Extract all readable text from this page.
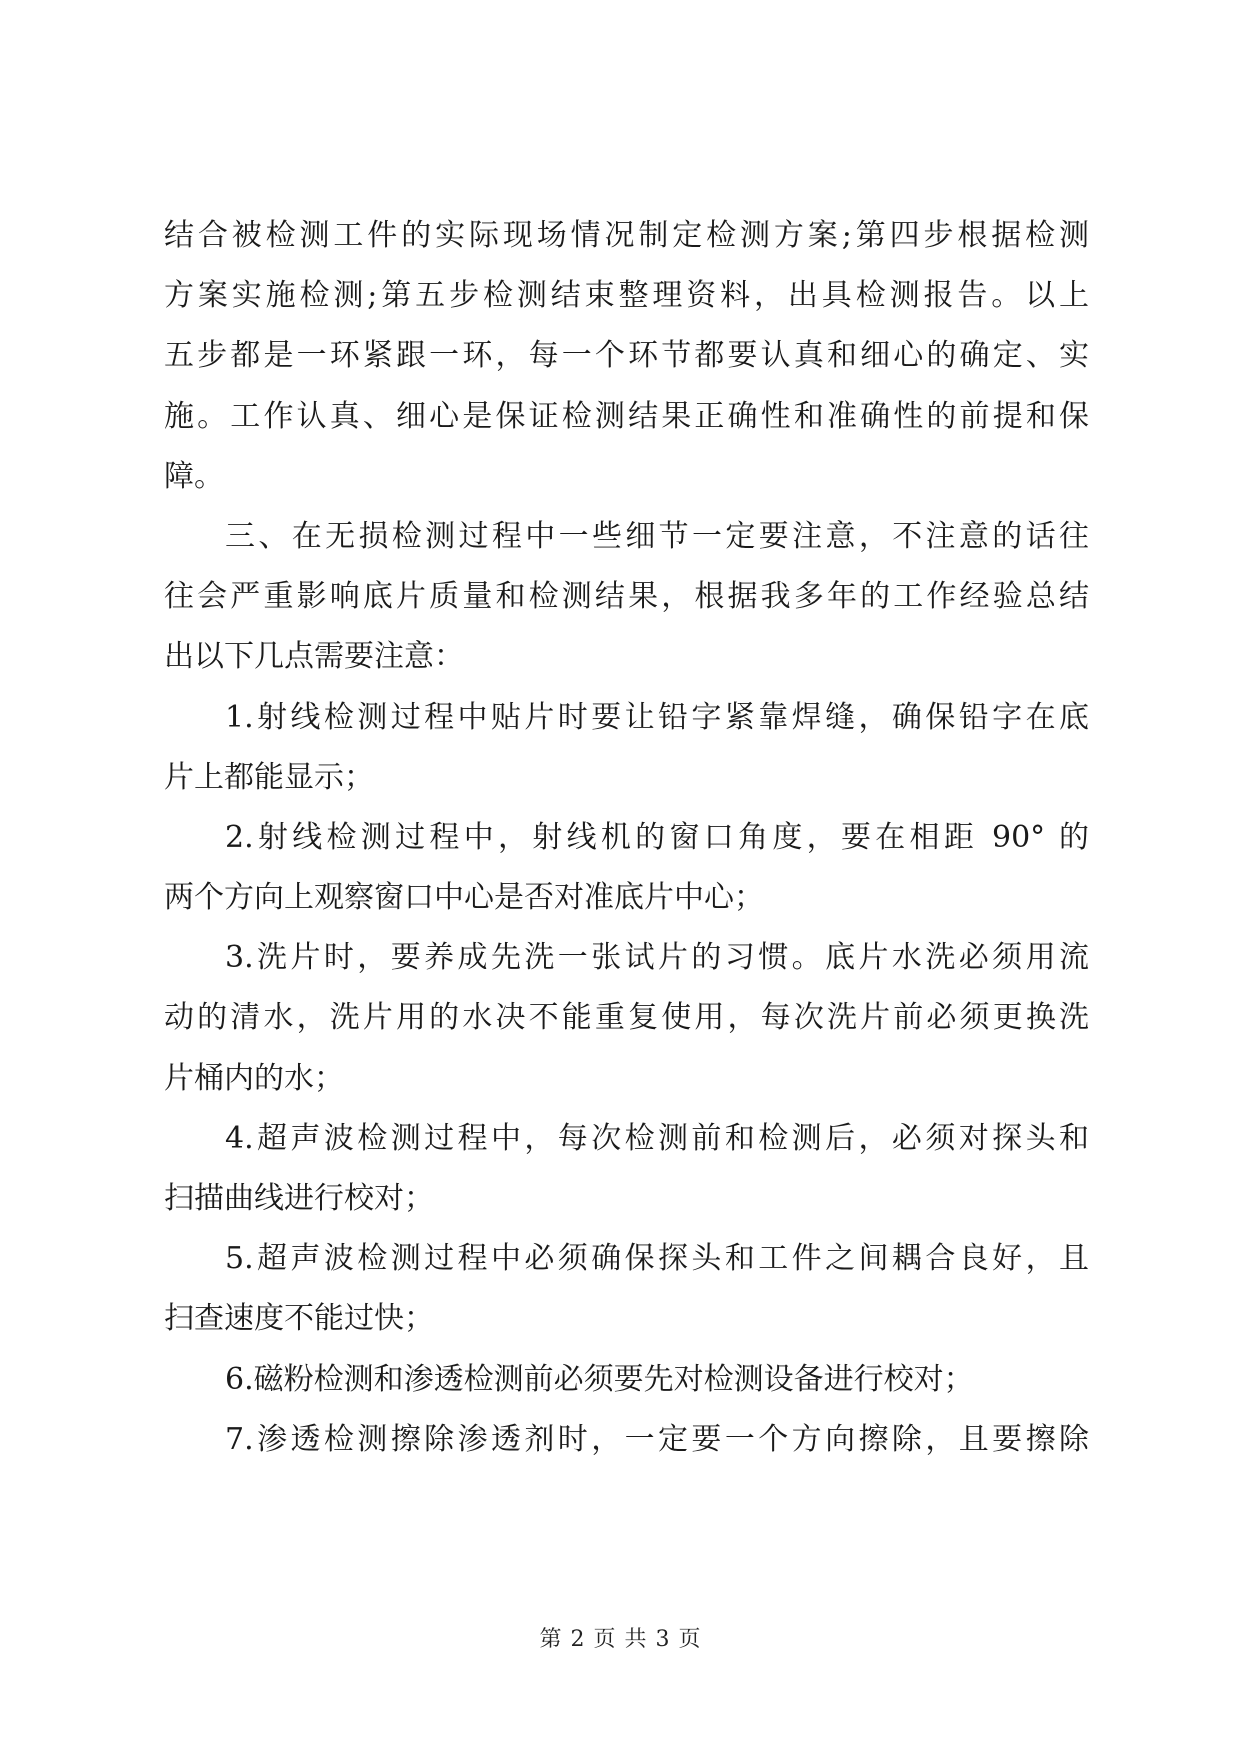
结合被检测工件的实际现场情况制定检测方案;第四步根据检测
方案实施检测;第五步检测结束整理资料，出具检测报告。以上
五步都是一环紧跟一环，每一个环节都要认真和细心的确定、实
施。工作认真、细心是保证检测结果正确性和准确性的前提和保
障。
三、在无损检测过程中一些细节一定要注意，不注意的话往
往会严重影响底片质量和检测结果，根据我多年的工作经验总结
出以下几点需要注意：
1.射线检测过程中贴片时要让铅字紧靠焊缝，确保铅字在底
片上都能显示；
2.射线检测过程中，射线机的窗口角度，要在相距 90° 的
两个方向上观察窗口中心是否对准底片中心；
3.洗片时，要养成先洗一张试片的习惯。底片水洗必须用流
动的清水，洗片用的水决不能重复使用，每次洗片前必须更换洗
片桶内的水；
4.超声波检测过程中，每次检测前和检测后，必须对探头和
扫描曲线进行校对；
5.超声波检测过程中必须确保探头和工件之间耦合良好，且
扫查速度不能过快；
6.磁粉检测和渗透检测前必须要先对检测设备进行校对；
7.渗透检测擦除渗透剂时，一定要一个方向擦除，且要擦除
第 2 页 共 3 页
